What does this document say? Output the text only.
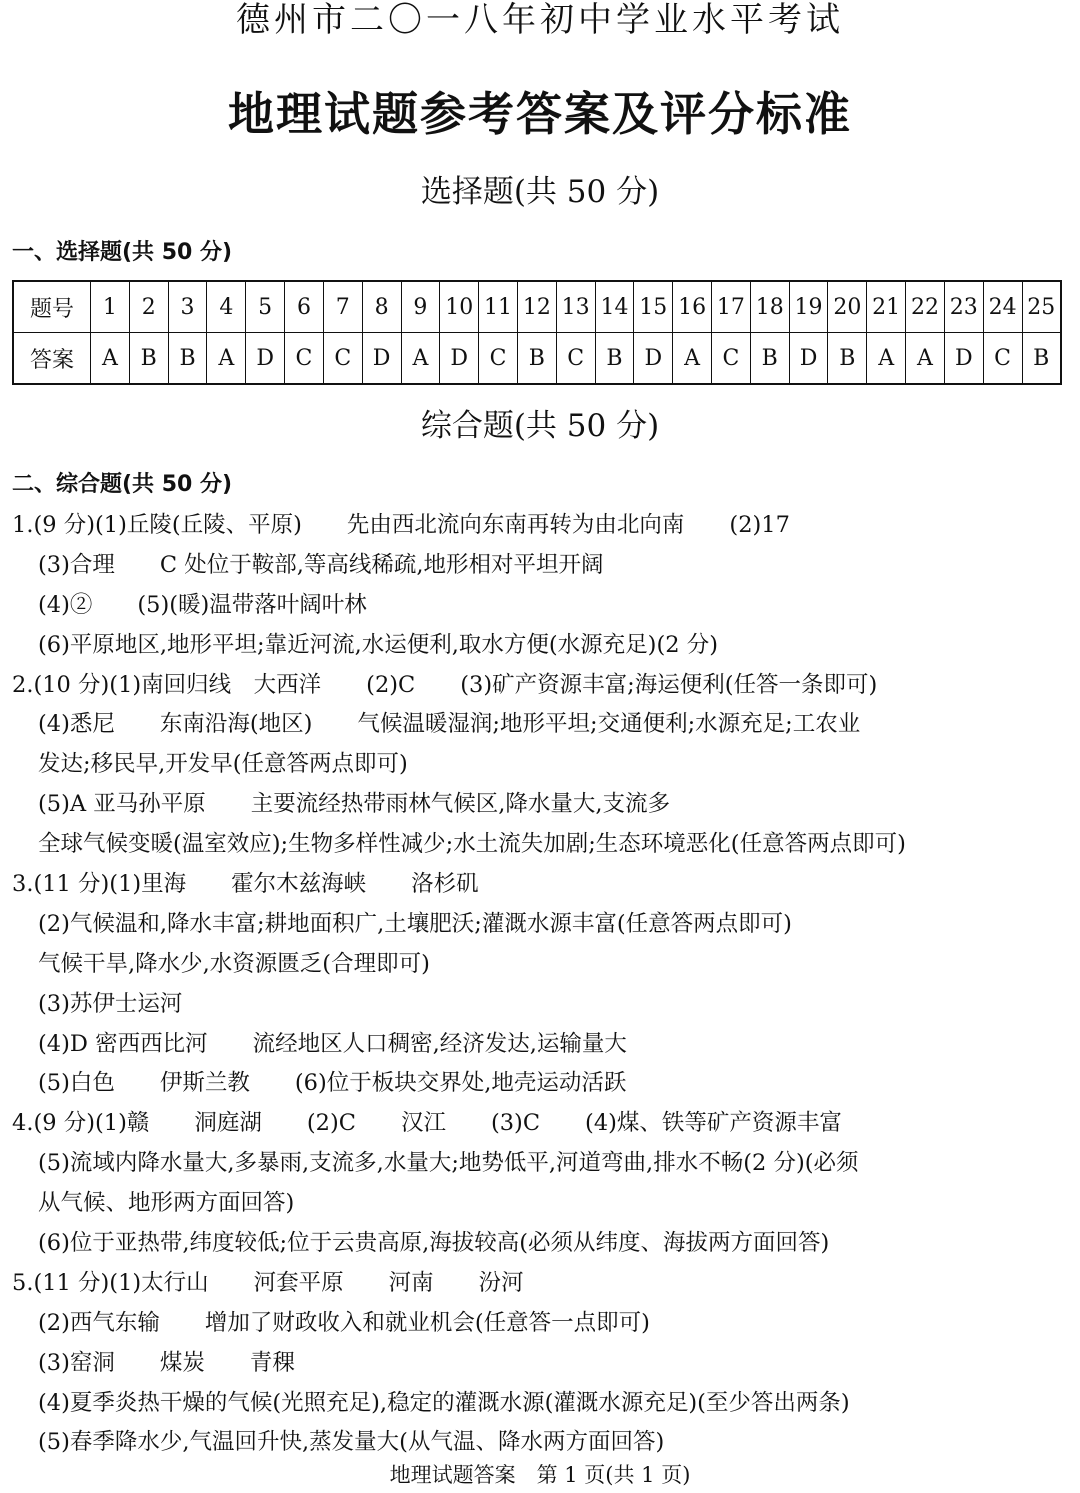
德州市二〇一八年初中学业水平考试
地理试题参考答案及评分标准
选择题(共 50 分)
一、选择题(共 50 分)
题号	1	2	3	4	5	6	7	8	9	10	11	12	13	14	15	16	17	18	19	20	21	22	23	24	25
答案	A	B	B	A	D	C	C	D	A	D	C	B	C	B	D	A	C	B	D	B	A	A	D	C	B
综合题(共 50 分)
二、综合题(共 50 分)
1.(9 分)(1)丘陵(丘陵、平原)　　先由西北流向东南再转为由北向南　　(2)17
(3)合理　　C 处位于鞍部,等高线稀疏,地形相对平坦开阔
(4)②　　(5)(暖)温带落叶阔叶林
(6)平原地区,地形平坦;靠近河流,水运便利,取水方便(水源充足)(2 分)
2.(10 分)(1)南回归线　大西洋　　(2)C　　(3)矿产资源丰富;海运便利(任答一条即可)
(4)悉尼　　东南沿海(地区)　　气候温暖湿润;地形平坦;交通便利;水源充足;工农业
发达;移民早,开发早(任意答两点即可)
(5)A 亚马孙平原　　主要流经热带雨林气候区,降水量大,支流多
全球气候变暖(温室效应);生物多样性减少;水土流失加剧;生态环境恶化(任意答两点即可)
3.(11 分)(1)里海　　霍尔木兹海峡　　洛杉矶
(2)气候温和,降水丰富;耕地面积广,土壤肥沃;灌溉水源丰富(任意答两点即可)
气候干旱,降水少,水资源匮乏(合理即可)
(3)苏伊士运河
(4)D 密西西比河　　流经地区人口稠密,经济发达,运输量大
(5)白色　　伊斯兰教　　(6)位于板块交界处,地壳运动活跃
4.(9 分)(1)赣　　洞庭湖　　(2)C　　汉江　　(3)C　　(4)煤、铁等矿产资源丰富
(5)流域内降水量大,多暴雨,支流多,水量大;地势低平,河道弯曲,排水不畅(2 分)(必须
从气候、地形两方面回答)
(6)位于亚热带,纬度较低;位于云贵高原,海拔较高(必须从纬度、海拔两方面回答)
5.(11 分)(1)太行山　　河套平原　　河南　　汾河
(2)西气东输　　增加了财政收入和就业机会(任意答一点即可)
(3)窑洞　　煤炭　　青稞
(4)夏季炎热干燥的气候(光照充足),稳定的灌溉水源(灌溉水源充足)(至少答出两条)
(5)春季降水少,气温回升快,蒸发量大(从气温、降水两方面回答)
地理试题答案　第 1 页(共 1 页)
